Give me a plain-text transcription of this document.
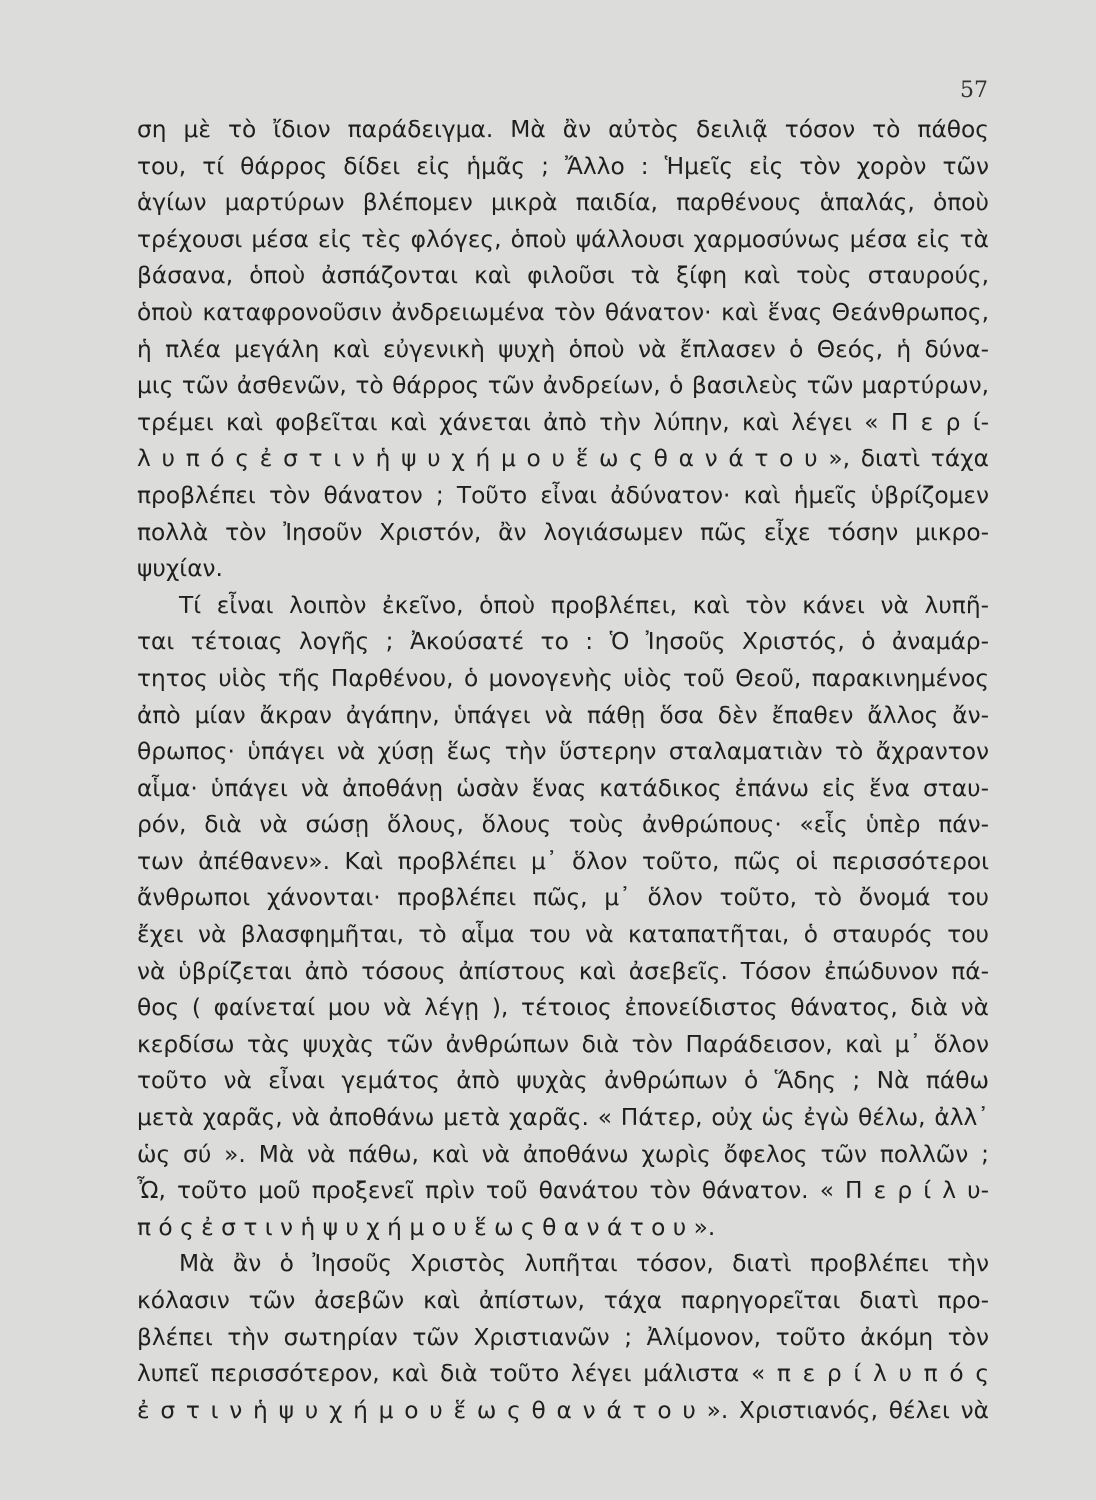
57
ση μὲ τὸ ἴδιον παράδειγμα. Μὰ ἂν αὐτὸς δειλιᾷ τόσον τὸ πάθος
του, τί θάρρος δίδει εἰς ἡμᾶς ; Ἄλλο : Ἡμεῖς εἰς τὸν χορὸν τῶν
ἁγίων μαρτύρων βλέπομεν μικρὰ παιδία, παρθένους ἁπαλάς, ὁποὺ
τρέχουσι μέσα εἰς τὲς φλόγες, ὁποὺ ψάλλουσι χαρμοσύνως μέσα εἰς τὰ
βάσανα, ὁποὺ ἀσπάζονται καὶ φιλοῦσι τὰ ξίφη καὶ τοὺς σταυρούς,
ὁποὺ καταφρονοῦσιν ἀνδρειωμένα τὸν θάνατον· καὶ ἕνας Θεάνθρωπος,
ἡ πλέα μεγάλη καὶ εὐγενικὴ ψυχὴ ὁποὺ νὰ ἔπλασεν ὁ Θεός, ἡ δύνα-
μις τῶν ἀσθενῶν, τὸ θάρρος τῶν ἀνδρείων, ὁ βασιλεὺς τῶν μαρτύρων,
τρέμει καὶ φοβεῖται καὶ χάνεται ἀπὸ τὴν λύπην, καὶ λέγει « Π ε ρ ί-
λ υ π ό ς ἐ σ τ ι ν ἡ ψ υ χ ή μ ο υ ἕ ω ς θ α ν ά τ ο υ », διατὶ τάχα
προβλέπει τὸν θάνατον ; Τοῦτο εἶναι ἀδύνατον· καὶ ἡμεῖς ὑβρίζομεν
πολλὰ τὸν Ἰησοῦν Χριστόν, ἂν λογιάσωμεν πῶς εἶχε τόσην μικρο-
ψυχίαν.
Τί εἶναι λοιπὸν ἐκεῖνο, ὁποὺ προβλέπει, καὶ τὸν κάνει νὰ λυπῆ-
ται τέτοιας λογῆς ; Ἀκούσατέ το : Ὁ Ἰησοῦς Χριστός, ὁ ἀναμάρ-
τητος υἱὸς τῆς Παρθένου, ὁ μονογενὴς υἱὸς τοῦ Θεοῦ, παρακινημένος
ἀπὸ μίαν ἄκραν ἀγάπην, ὑπάγει νὰ πάθῃ ὅσα δὲν ἔπαθεν ἄλλος ἄν-
θρωπος· ὑπάγει νὰ χύσῃ ἕως τὴν ὕστερην σταλαματιὰν τὸ ἄχραντον
αἷμα· ὑπάγει νὰ ἀποθάνῃ ὡσὰν ἕνας κατάδικος ἐπάνω εἰς ἕνα σταυ-
ρόν, διὰ νὰ σώσῃ ὅλους, ὅλους τοὺς ἀνθρώπους· «εἷς ὑπὲρ πάν-
των ἀπέθανεν». Καὶ προβλέπει μ᾽ ὅλον τοῦτο, πῶς οἱ περισσότεροι
ἄνθρωποι χάνονται· προβλέπει πῶς, μ᾽ ὅλον τοῦτο, τὸ ὄνομά του
ἔχει νὰ βλασφημῆται, τὸ αἷμα του νὰ καταπατῆται, ὁ σταυρός του
νὰ ὑβρίζεται ἀπὸ τόσους ἀπίστους καὶ ἀσεβεῖς. Τόσον ἐπώδυνον πά-
θος ( φαίνεταί μου νὰ λέγῃ ), τέτοιος ἐπονείδιστος θάνατος, διὰ νὰ
κερδίσω τὰς ψυχὰς τῶν ἀνθρώπων διὰ τὸν Παράδεισον, καὶ μ᾽ ὅλον
τοῦτο νὰ εἶναι γεμάτος ἀπὸ ψυχὰς ἀνθρώπων ὁ Ἅδης ; Νὰ πάθω
μετὰ χαρᾶς, νὰ ἀποθάνω μετὰ χαρᾶς. « Πάτερ, οὐχ ὡς ἐγὼ θέλω, ἀλλ᾽
ὡς σύ ». Μὰ νὰ πάθω, καὶ νὰ ἀποθάνω χωρὶς ὄφελος τῶν πολλῶν ;
Ὦ, τοῦτο μοῦ προξενεῖ πρὶν τοῦ θανάτου τὸν θάνατον. « Π ε ρ ί λ υ-
π ό ς ἐ σ τ ι ν ἡ ψ υ χ ή μ ο υ ἕ ω ς θ α ν ά τ ο υ ».
Μὰ ἂν ὁ Ἰησοῦς Χριστὸς λυπῆται τόσον, διατὶ προβλέπει τὴν
κόλασιν τῶν ἀσεβῶν καὶ ἀπίστων, τάχα παρηγορεῖται διατὶ προ-
βλέπει τὴν σωτηρίαν τῶν Χριστιανῶν ; Ἀλίμονον, τοῦτο ἀκόμη τὸν
λυπεῖ περισσότερον, καὶ διὰ τοῦτο λέγει μάλιστα « π ε ρ ί λ υ π ό ς
ἐ σ τ ι ν ἡ ψ υ χ ή μ ο υ ἕ ω ς θ α ν ά τ ο υ ». Χριστιανός, θέλει νὰ
